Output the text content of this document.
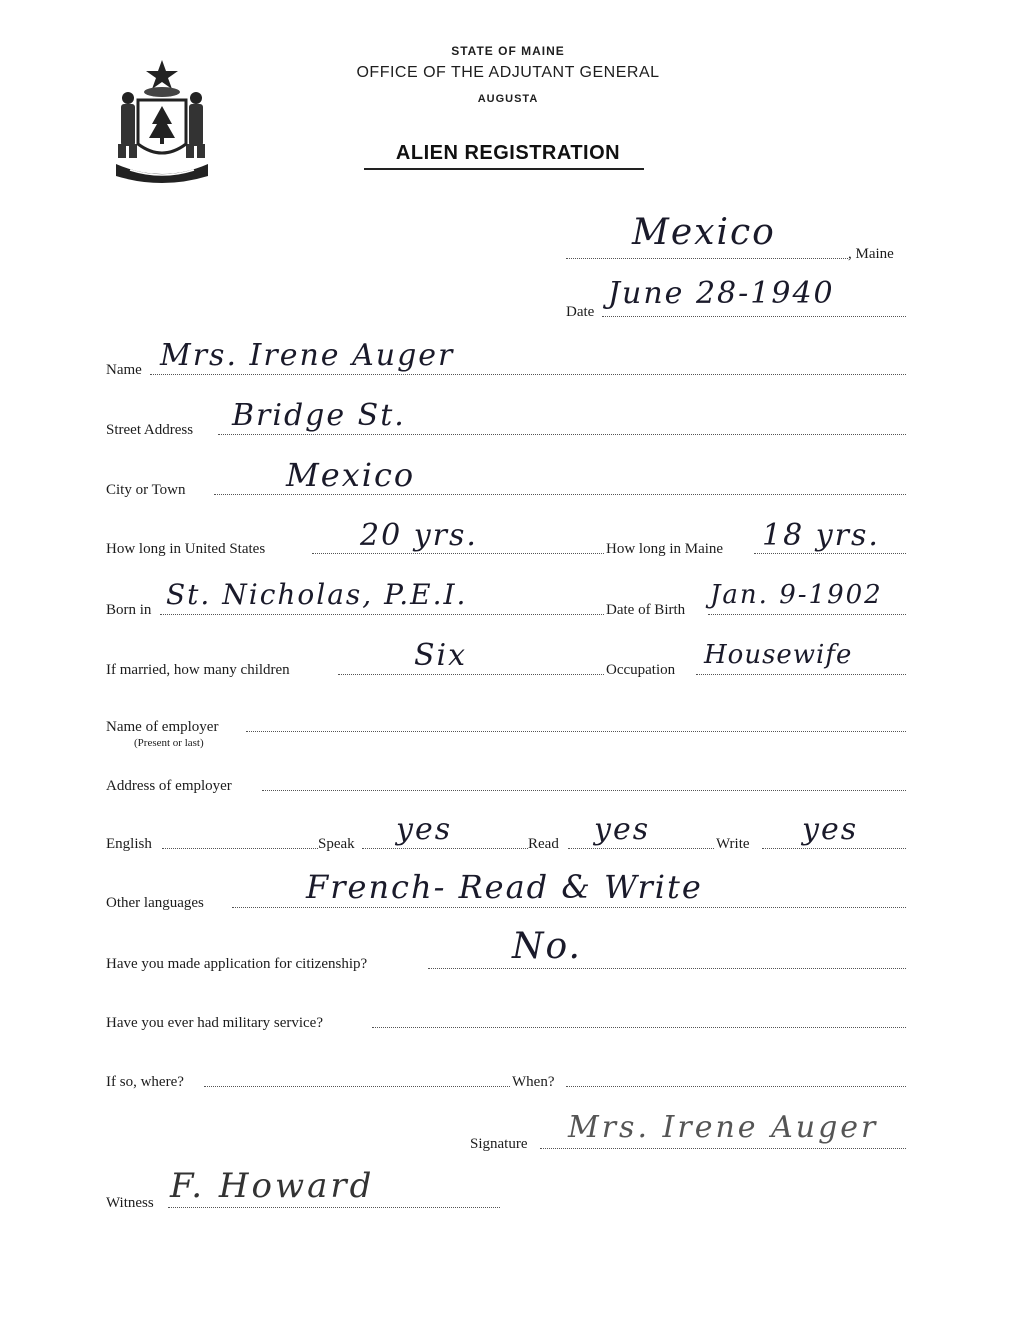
STATE OF MAINE
OFFICE OF THE ADJUTANT GENERAL
AUGUSTA
ALIEN REGISTRATION
Mexico
, Maine
Date
June 28-1940
Name Mrs. Irene Auger
Street Address Bridge St.
City or Town	Mexico
How long in United States	20 yrs.	How long in Maine 18 yrs.
Born in St. Nicholas, P.E.I.	Date of Birth Jan. 9-1902
If married, how many children	Six	Occupation Housewife
Name of employer
(Present or last)
Address of employer
English	Speak yes	Read yes	Write yes
Other languages	French- Read & Write
Have you made application for citizenship?	No.
Have you ever had military service?
If so, where?	When?
Signature Mrs. Irene Auger
Witness F. Howard
